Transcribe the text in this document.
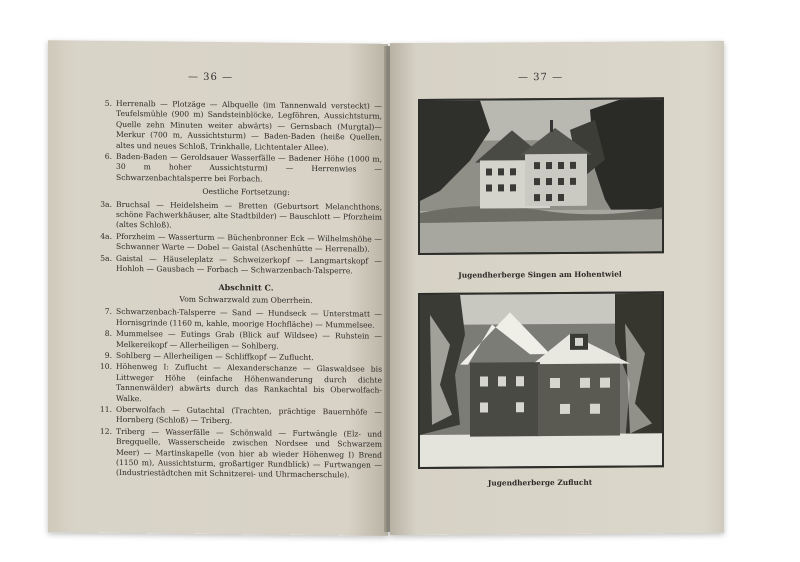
— 36 —
5. Herrenalb — Plotzäge — Albquelle (im Tannenwald versteckt) — Teufelsmühle (900 m) Sandsteinblöcke, Legföhren, Aussichtsturm, Quelle zehn Minuten weiter abwärts) — Gernsbach (Murgtal)—Merkur (700 m, Aussichtsturm) — Baden-Baden (heiße Quellen, altes und neues Schloß, Trinkhalle, Lichtentaler Allee).
6. Baden-Baden — Geroldsauer Wasserfälle — Badener Höhe (1000 m, 30 m hoher Aussichtsturm) — Herrenwies — Schwarzenbachtalsperre bei Forbach.
Oestliche Fortsetzung:
3a. Bruchsal — Heidelsheim — Bretten (Geburtsort Melanchthons, schöne Fachwerkhäuser, alte Stadtbilder) — Bauschlott — Pforzheim (altes Schloß).
4a. Pforzheim — Wasserturm — Büchenbronner Eck — Wilhelmshöhe — Schwanner Warte — Dobel — Gaistal (Aschenhütte — Herrenalb).
5a. Gaistal — Häuseleplatz — Schweizerkopf — Langmartskopf — Hohloh — Gausbach — Forbach — Schwarzenbach-Talsperre.
Abschnitt C.
Vom Schwarzwald zum Oberrhein.
7. Schwarzenbach-Talsperre — Sand — Hundseck — Unterstmatt — Hornisgrinde (1160 m, kahle, moorige Hochfläche) — Mummelsee.
8. Mummelsee — Eutings Grab (Blick auf Wildsee) — Ruhstein — Melkereikopf — Allerheiligen — Sohlberg.
9. Sohlberg — Allerheiligen — Schliffkopf — Zuflucht.
10. Höhenweg I: Zuflucht — Alexanderschanze — Glaswaldsee bis Littweger Höhe (einfache Höhenwanderung durch dichte Tannenwälder) abwärts durch das Rankachtal bis Oberwolfach-Walke.
11. Oberwolfach — Gutachtal (Trachten, prächtige Bauernhöfe — Hornberg (Schloß) — Triberg.
12. Triberg — Wasserfälle — Schönwald — Furtwängle (Elz- und Bregquelle, Wasserscheide zwischen Nordsee und Schwarzem Meer) — Martinskapelle (von hier ab wieder Höhenweg I) Brend (1150 m), Aussichtsturm, großartiger Rundblick) — Furtwangen — (Industriestädtchen mit Schnitzerei- und Uhrmacherschule).
— 37 —
Jugendherberge Singen am Hohentwiel
Jugendherberge Zuflucht
